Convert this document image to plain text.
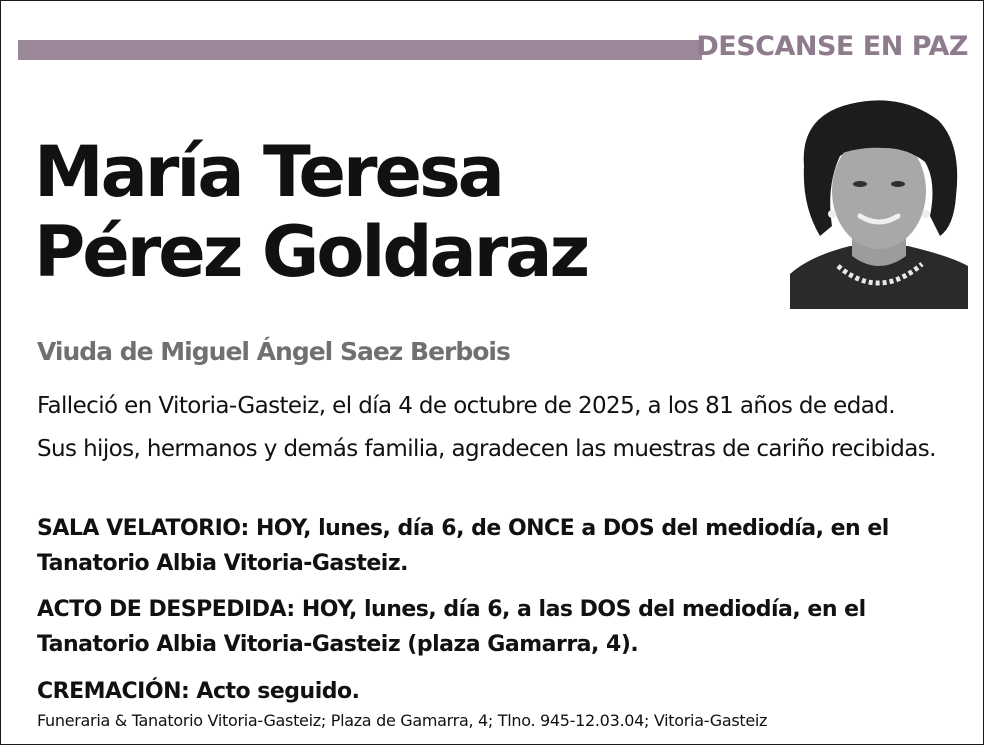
DESCANSE EN PAZ
María Teresa
Pérez Goldaraz
Viuda de Miguel Ángel Saez Berbois
Falleció en Vitoria-Gasteiz, el día 4 de octubre de 2025, a los 81 años de edad.
Sus hijos, hermanos y demás familia, agradecen las muestras de cariño recibidas.
SALA VELATORIO: HOY, lunes, día 6, de ONCE a DOS del mediodía, en el Tanatorio Albia Vitoria-Gasteiz.
ACTO DE DESPEDIDA: HOY, lunes, día 6, a las DOS del mediodía, en el Tanatorio Albia Vitoria-Gasteiz (plaza Gamarra, 4).
CREMACIÓN: Acto seguido.
Funeraria & Tanatorio Vitoria-Gasteiz; Plaza de Gamarra, 4; Tlno. 945-12.03.04; Vitoria-Gasteiz
